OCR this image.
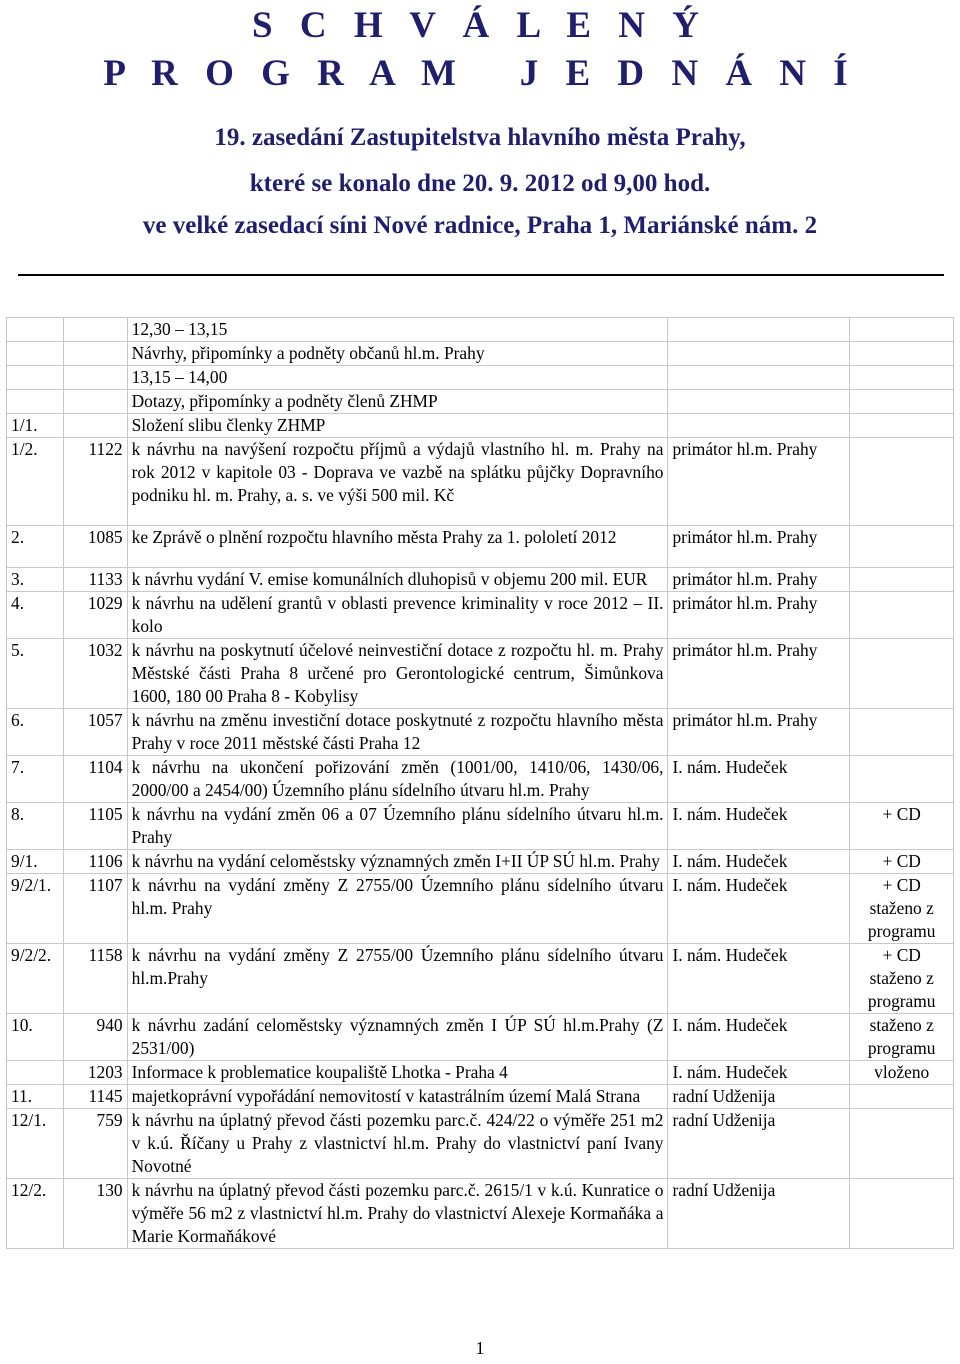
S C H V Á L E N Ý
P R O G R A M   J E D N Á N Í
19. zasedání Zastupitelstva hlavního města Prahy,
které se konalo dne 20. 9. 2012 od 9,00 hod.
ve velké zasedací síni Nové radnice, Praha 1, Mariánské nám. 2
		12,30 – 13,15		
		Návrhy, připomínky a podněty občanů hl.m. Prahy		
		13,15 – 14,00		
		Dotazy, připomínky a podněty členů ZHMP		
1/1.		Složení slibu členky ZHMP		
1/2.	1122	k návrhu na navýšení rozpočtu příjmů a výdajů vlastního hl. m. Prahy na rok 2012 v kapitole 03 - Doprava ve vazbě na splátku půjčky Dopravního podniku hl. m. Prahy, a. s. ve výši 500 mil. Kč	primátor hl.m. Prahy	
2.	1085	ke Zprávě o plnění rozpočtu hlavního města Prahy za 1. pololetí 2012	primátor hl.m. Prahy	
3.	1133	k návrhu vydání V. emise komunálních dluhopisů v objemu 200 mil. EUR	primátor hl.m. Prahy	
4.	1029	k návrhu na udělení grantů v oblasti prevence kriminality v roce 2012 – II. kolo	primátor hl.m. Prahy	
5.	1032	k návrhu na poskytnutí účelové neinvestiční dotace z rozpočtu hl. m. Prahy Městské části Praha 8 určené pro Gerontologické centrum, Šimůnkova 1600, 180 00 Praha 8 - Kobylisy	primátor hl.m. Prahy	
6.	1057	k návrhu na změnu investiční dotace poskytnuté z rozpočtu hlavního města Prahy v roce 2011 městské části Praha 12	primátor hl.m. Prahy	
7.	1104	k návrhu na ukončení pořizování změn (1001/00, 1410/06, 1430/06, 2000/00 a 2454/00) Územního plánu sídelního útvaru hl.m. Prahy	I. nám. Hudeček	
8.	1105	k návrhu na vydání změn 06 a 07 Územního plánu sídelního útvaru hl.m. Prahy	I. nám. Hudeček	+ CD
9/1.	1106	k návrhu na vydání celoměstsky významných změn I+II ÚP SÚ hl.m. Prahy	I. nám. Hudeček	+ CD
9/2/1.	1107	k návrhu na vydání změny Z 2755/00 Územního plánu sídelního útvaru hl.m. Prahy	I. nám. Hudeček	+ CD staženo z programu
9/2/2.	1158	k návrhu na vydání změny Z 2755/00 Územního plánu sídelního útvaru hl.m.Prahy	I. nám. Hudeček	+ CD staženo z programu
10.	940	k návrhu zadání celoměstsky významných změn I ÚP SÚ hl.m.Prahy (Z 2531/00)	I. nám. Hudeček	staženo z programu
	1203	Informace k problematice koupaliště Lhotka - Praha 4	I. nám. Hudeček	vloženo
11.	1145	majetkoprávní vypořádání nemovitostí v katastrálním území Malá Strana	radní Udženija	
12/1.	759	k návrhu na úplatný převod části pozemku parc.č. 424/22 o výměře 251 m2 v k.ú. Říčany u Prahy z vlastnictví hl.m. Prahy do vlastnictví paní Ivany Novotné	radní Udženija	
12/2.	130	k návrhu na úplatný převod části pozemku parc.č. 2615/1 v k.ú. Kunratice o výměře 56 m2 z vlastnictví hl.m. Prahy do vlastnictví Alexeje Kormaňáka a Marie Kormaňákové	radní Udženija	
1
